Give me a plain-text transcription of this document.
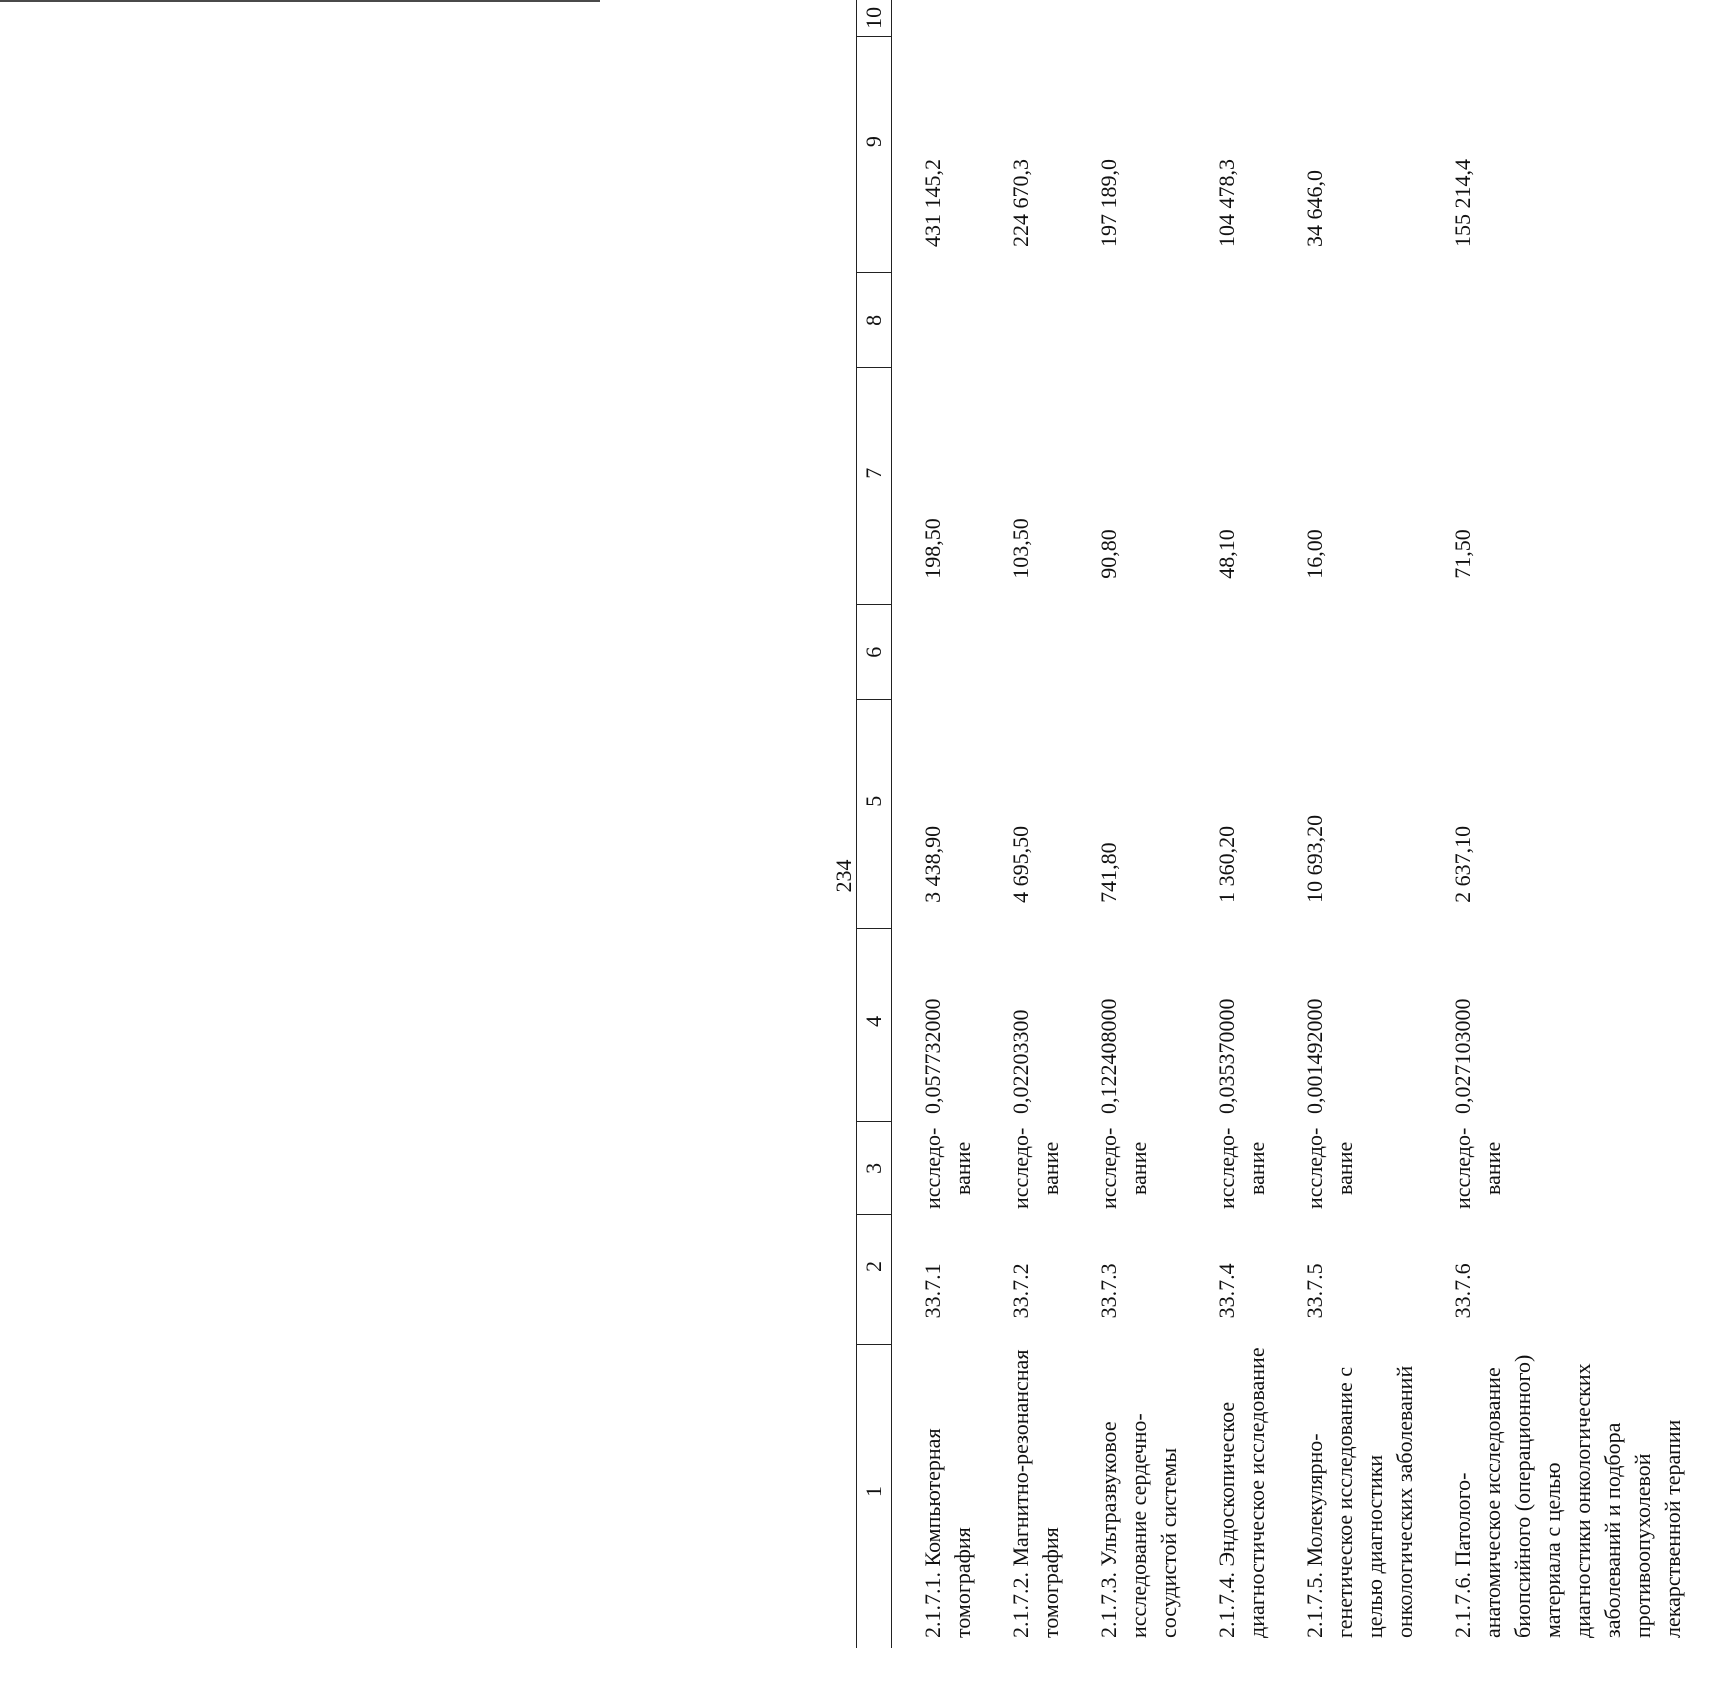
234
1	2	3	4	5	6	7	8	9	10
2.1.7.1. Компьютерная томография	33.7.1	исследо-вание	0,057732000	3 438,90		198,50		431 145,2	
2.1.7.2. Магнитно-резонансная томография	33.7.2	исследо-вание	0,02203300	4 695,50		103,50		224 670,3	
2.1.7.3. Ультразвуковое исследование сердечно-сосудистой системы	33.7.3	исследо-вание	0,122408000	741,80		90,80		197 189,0	
2.1.7.4. Эндоскопическое диагностическое исследование	33.7.4	исследо-вание	0,035370000	1 360,20		48,10		104 478,3	
2.1.7.5. Молекулярно-генетическое исследование с целью диагностики онкологических заболеваний	33.7.5	исследо-вание	0,001492000	10 693,20		16,00		34 646,0	
2.1.7.6. Патолого-анатомическое исследование биопсийного (операционного) материала с целью диагностики онкологических заболеваний и подбора противоопухолевой лекарственной терапии	33.7.6	исследо-вание	0,027103000	2 637,10		71,50		155 214,4	
